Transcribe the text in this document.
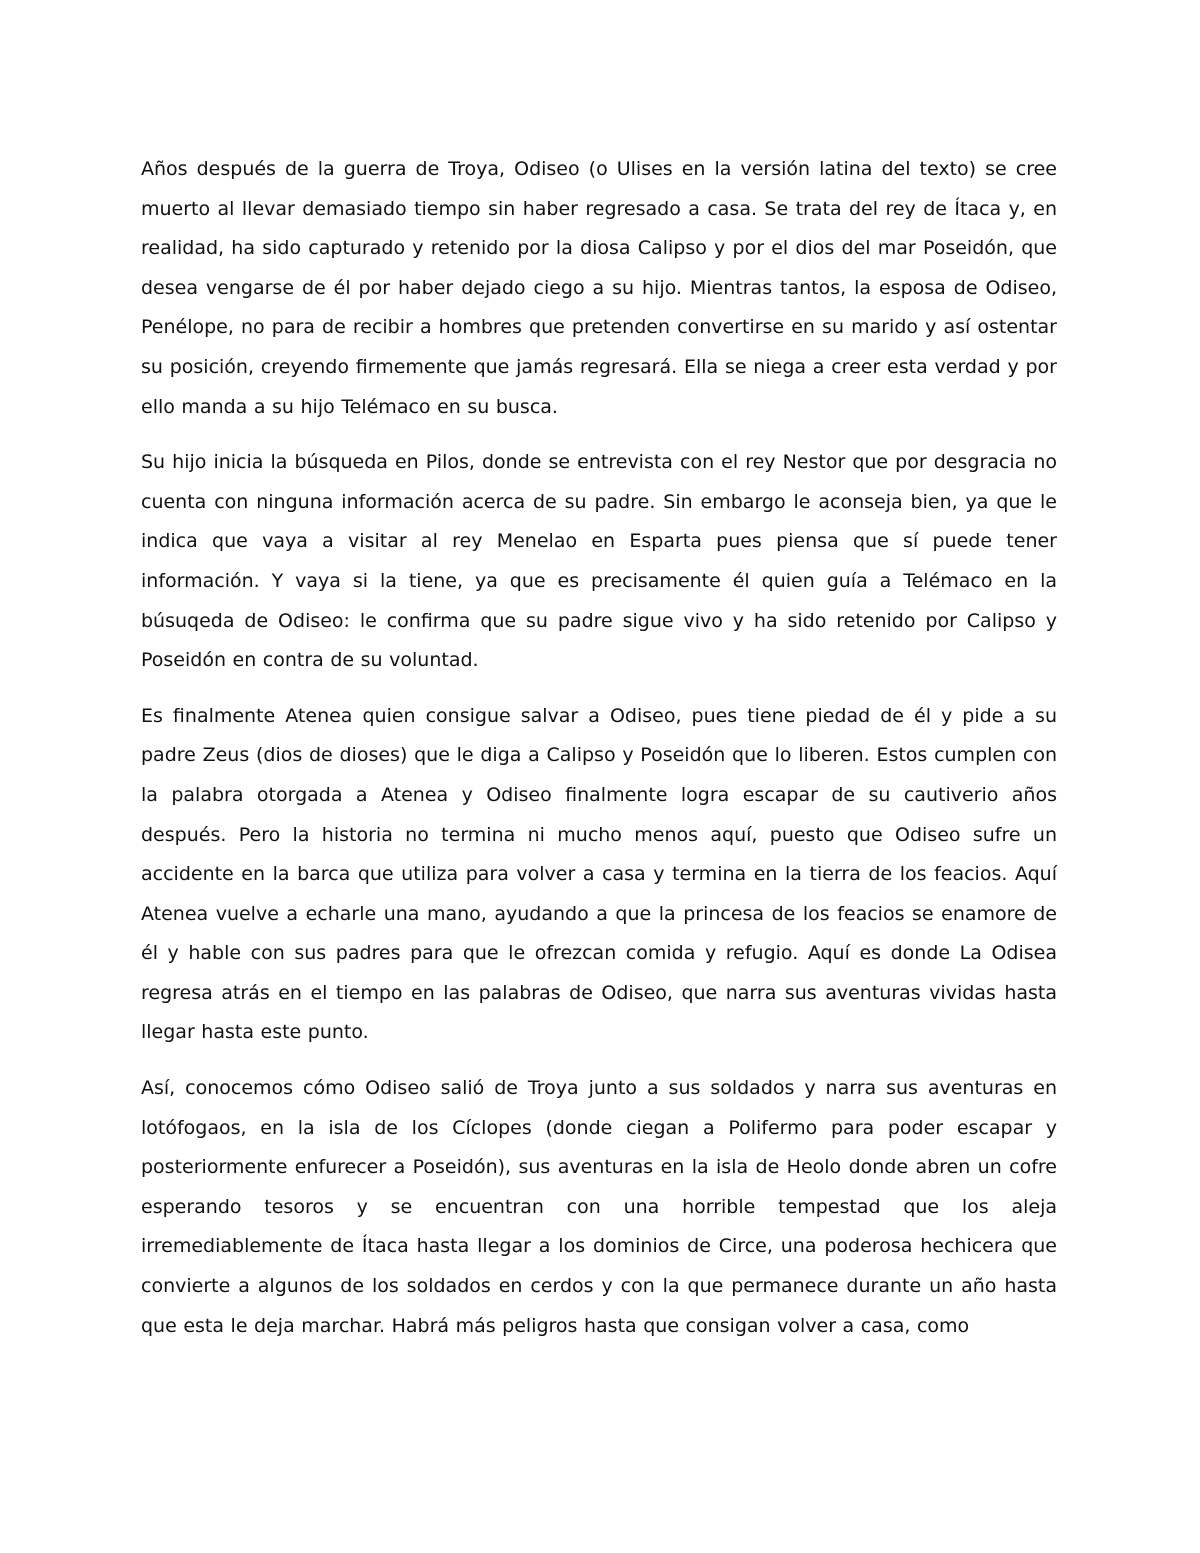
Años después de la guerra de Troya, Odiseo (o Ulises en la versión latina del texto) se cree muerto al llevar demasiado tiempo sin haber regresado a casa. Se trata del rey de Ítaca y, en realidad, ha sido capturado y retenido por la diosa Calipso y por el dios del mar Poseidón, que desea vengarse de él por haber dejado ciego a su hijo. Mientras tantos, la esposa de Odiseo, Penélope, no para de recibir a hombres que pretenden convertirse en su marido y así ostentar su posición, creyendo firmemente que jamás regresará. Ella se niega a creer esta verdad y por ello manda a su hijo Telémaco en su busca.

Su hijo inicia la búsqueda en Pilos, donde se entrevista con el rey Nestor que por desgracia no cuenta con ninguna información acerca de su padre. Sin embargo le aconseja bien, ya que le indica que vaya a visitar al rey Menelao en Esparta pues piensa que sí puede tener información. Y vaya si la tiene, ya que es precisamente él quien guía a Telémaco en la búsuqeda de Odiseo: le confirma que su padre sigue vivo y ha sido retenido por Calipso y Poseidón en contra de su voluntad.

Es finalmente Atenea quien consigue salvar a Odiseo, pues tiene piedad de él y pide a su padre Zeus (dios de dioses) que le diga a Calipso y Poseidón que lo liberen. Estos cumplen con la palabra otorgada a Atenea y Odiseo finalmente logra escapar de su cautiverio años después. Pero la historia no termina ni mucho menos aquí, puesto que Odiseo sufre un accidente en la barca que utiliza para volver a casa y termina en la tierra de los feacios. Aquí Atenea vuelve a echarle una mano, ayudando a que la princesa de los feacios se enamore de él y hable con sus padres para que le ofrezcan comida y refugio. Aquí es donde La Odisea regresa atrás en el tiempo en las palabras de Odiseo, que narra sus aventuras vividas hasta llegar hasta este punto.

Así, conocemos cómo Odiseo salió de Troya junto a sus soldados y narra sus aventuras en lotófogaos, en la isla de los Cíclopes (donde ciegan a Polifermo para poder escapar y posteriormente enfurecer a Poseidón), sus aventuras en la isla de Heolo donde abren un cofre esperando tesoros y se encuentran con una horrible tempestad que los aleja irremediablemente de Ítaca hasta llegar a los dominios de Circe, una poderosa hechicera que convierte a algunos de los soldados en cerdos y con la que permanece durante un año hasta que esta le deja marchar. Habrá más peligros hasta que consigan volver a casa, como
